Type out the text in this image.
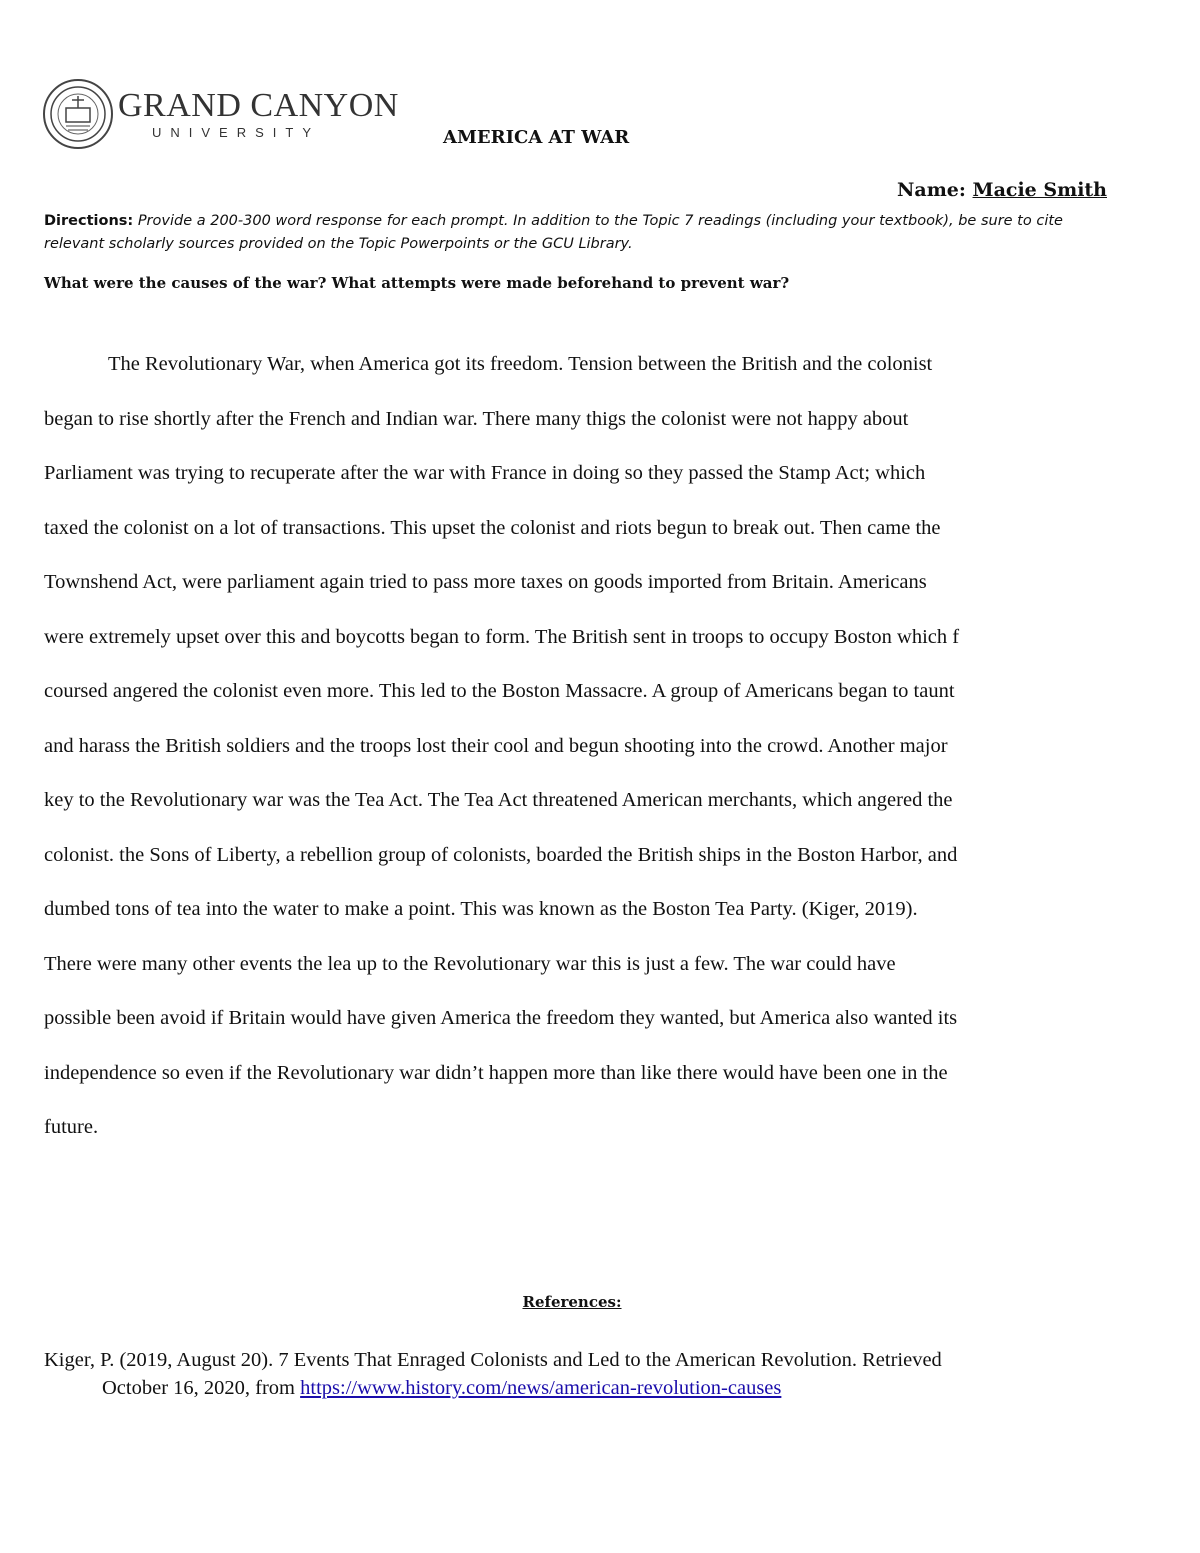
GRAND CANYON
UNIVERSITY	AMERICA AT WAR
Name: Macie Smith
Directions: Provide a 200-300 word response for each prompt. In addition to the Topic 7 readings (including your textbook), be sure to cite relevant scholarly sources provided on the Topic Powerpoints or the GCU Library.
What were the causes of the war? What attempts were made beforehand to prevent war?
The Revolutionary War, when America got its freedom. Tension between the British and the colonist
began to rise shortly after the French and Indian war. There many thigs the colonist were not happy about
Parliament was trying to recuperate after the war with France in doing so they passed the Stamp Act; which
taxed the colonist on a lot of transactions. This upset the colonist and riots begun to break out. Then came the
Townshend Act, were parliament again tried to pass more taxes on goods imported from Britain. Americans
were extremely upset over this and boycotts began to form. The British sent in troops to occupy Boston which f
coursed angered the colonist even more. This led to the Boston Massacre. A group of Americans began to taunt
and harass the British soldiers and the troops lost their cool and begun shooting into the crowd. Another major
key to the Revolutionary war was the Tea Act. The Tea Act threatened American merchants, which angered the
colonist. the Sons of Liberty, a rebellion group of colonists, boarded the British ships in the Boston Harbor, and
dumbed tons of tea into the water to make a point. This was known as the Boston Tea Party. (Kiger, 2019).
There were many other events the lea up to the Revolutionary war this is just a few. The war could have
possible been avoid if Britain would have given America the freedom they wanted, but America also wanted its
independence so even if the Revolutionary war didn’t happen more than like there would have been one in the
future.
References:
Kiger, P. (2019, August 20). 7 Events That Enraged Colonists and Led to the American Revolution. Retrieved
October 16, 2020, from https://www.history.com/news/american-revolution-causes
